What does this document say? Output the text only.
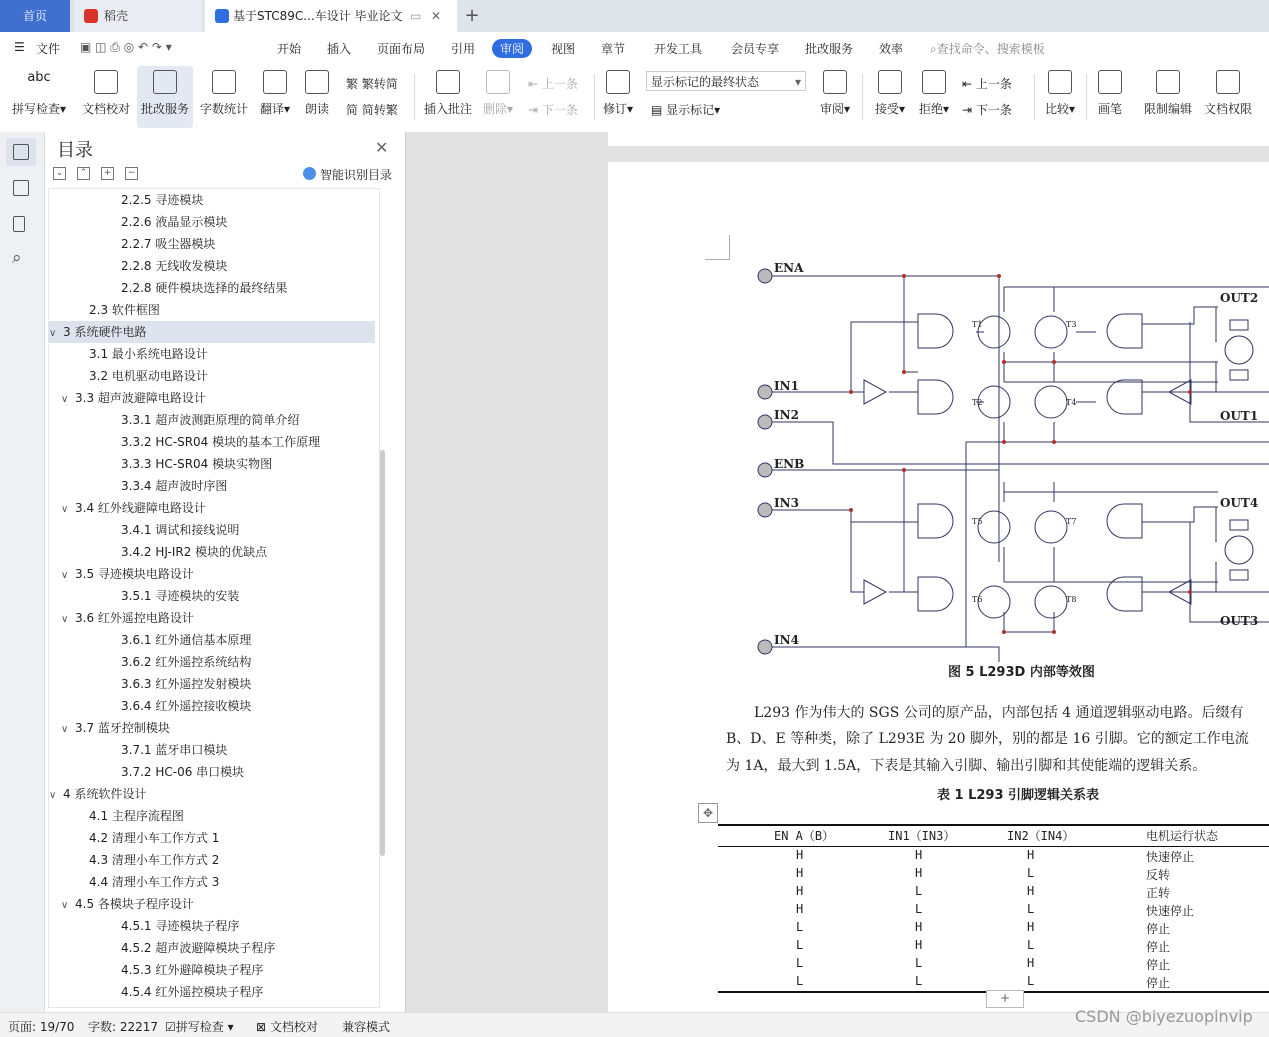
首页	稻壳	基于STC89C...车设计 毕业论文 ▭ ✕ +
☰ 文件 ▣ ◫ ⎙ ◎ ↶ ↷ ▾	开始 插入 页面布局 引用	审阅	视图 章节 开发工具 会员专享 批改服务 效率 ⌕查找命令、搜索模板
abc
拼写检查▾	文档校对 批改服务 字数统计 翻译▾	朗读
繁 繁转简
简 简转繁	插入批注 删除▾
⇤ 上一条
⇥ 下一条 修订▾
显示标记的最终状态	▾
▤ 显示标记▾	审阅▾	接受▾	拒绝▾
⇤ 上一条
⇥ 下一条	比较▾	画笔	限制编辑 文档权限
⌕
目录	✕
⌄	⌃	+	−	智能识别目录
2.2.5 寻迹模块
2.2.6 液晶显示模块
2.2.7 吸尘器模块
2.2.8 无线收发模块
2.2.8 硬件模块选择的最终结果
2.3 软件框图
∨ 3 系统硬件电路
3.1 最小系统电路设计
3.2 电机驱动电路设计
∨ 3.3 超声波避障电路设计
3.3.1 超声波测距原理的简单介绍
3.3.2 HC-SR04 模块的基本工作原理
3.3.3 HC-SR04 模块实物图
3.3.4 超声波时序图
∨ 3.4 红外线避障电路设计
3.4.1 调试和接线说明
3.4.2 HJ-IR2 模块的优缺点
∨ 3.5 寻迹模块电路设计
3.5.1 寻迹模块的安装
∨ 3.6 红外遥控电路设计
3.6.1 红外通信基本原理
3.6.2 红外遥控系统结构
3.6.3 红外遥控发射模块
3.6.4 红外遥控接收模块
∨ 3.7 蓝牙控制模块
3.7.1 蓝牙串口模块
3.7.2 HC-06 串口模块
∨ 4 系统软件设计
4.1 主程序流程图
4.2 清理小车工作方式 1
4.3 清理小车工作方式 2
4.4 清理小车工作方式 3
∨ 4.5 各模块子程序设计
4.5.1 寻迹模块子程序
4.5.2 超声波避障模块子程序
4.5.3 红外避障模块子程序
4.5.4 红外遥控模块子程序
ENA
IN1
IN2
ENB
IN3
IN4
OUT2
OUT1
OUT4
OUT3
T1
T2
T3
T4
T5
T6
T7
T8
图 5 L293D 内部等效图
L293 作为伟大的 SGS 公司的原产品，内部包括 4 通道逻辑驱动电路。后缀有
B、D、E 等种类，除了 L293E 为 20 脚外，别的都是 16 引脚。它的额定工作电流
为 1A，最大到 1.5A，下表是其输入引脚、输出引脚和其使能端的逻辑关系。
表 1 L293 引脚逻辑关系表
✥
EN A（B）	IN1（IN3）	IN2（IN4）	电机运行状态
H	H	H	快速停止
H	H	L	反转
H	L	H	正转
H	L	L	快速停止
L	H	H	停止
L	H	L	停止
L	L	H	停止
L	L	L	停止
+
页面: 19/70 字数: 22217 ☑拼写检查 ▾ ⊠ 文档校对 兼容模式
CSDN @biyezuopinvip
